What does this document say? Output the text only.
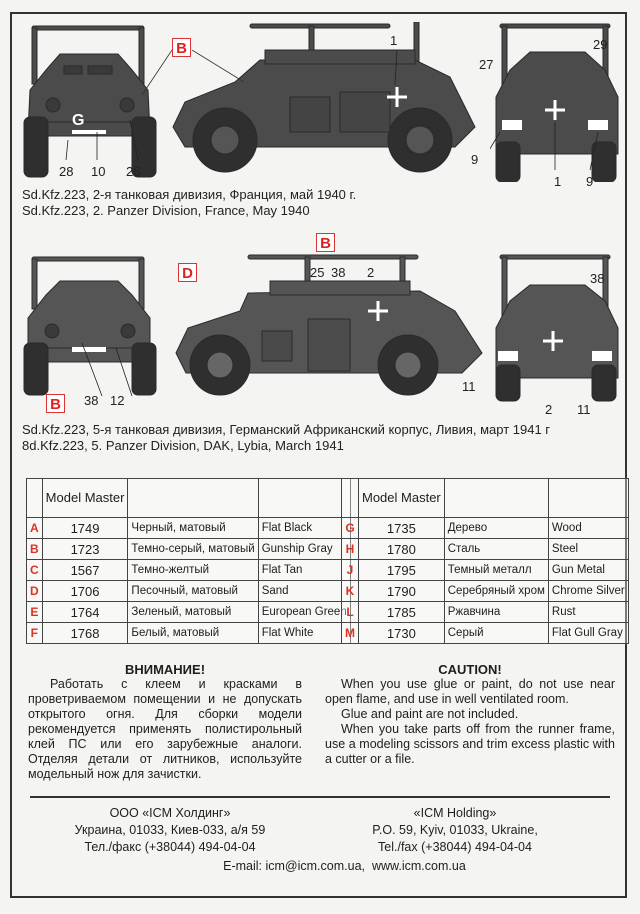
G
28 10 26
1
27
29
9
1 9
B
Sd.Kfz.223, 2-я танковая дивизия, Франция, май 1940 г.
Sd.Kfz.223, 2. Panzer Division, France, May 1940
38 12
25 38 2
11
38
2 11
D
B
B
Sd.Kfz.223, 5-я танковая дивизия, Германский Африканский корпус, Ливия, март 1941 г
8d.Kfz.223, 5. Panzer Division, DAK, Lybia, March 1941
	Model Master		
A	1749	Черный, матовый	Flat Black
B	1723	Темно-серый, матовый	Gunship Gray
C	1567	Темно-желтый	Flat Tan
D	1706	Песочный, матовый	Sand
E	1764	Зеленый, матовый	European Green
F	1768	Белый, матовый	Flat White
	Model Master		
G	1735	Дерево	Wood
H	1780	Сталь	Steel
J	1795	Темный металл	Gun Metal
K	1790	Серебряный хром	Chrome Silver
L	1785	Ржавчина	Rust
M	1730	Серый	Flat Gull Gray
ВНИМАНИЕ!

Работать с клеем и красками в проветриваемом помещении и не допускать открытого огня. Для сборки модели рекомендуется применять полистирольный клей ПС или его зарубежные аналоги. Отделяя детали от литников, используйте модельный нож для зачистки.

CAUTION!

When you use glue or paint, do not use near open flame, and use in well ventilated room.

Glue and paint are not included.

When you take parts off from the runner frame, use a modeling scissors and trim excess plastic with a cutter or a file.

ООО «ICM Холдинг»
Украина, 01033, Киев-033, а/я 59
Тел./факс (+38044) 494-04-04
«ICM Holding»
P.O. 59, Kyiv, 01033, Ukraine,
Tel./fax (+38044) 494-04-04
E-mail: icm@icm.com.ua, www.icm.com.ua
